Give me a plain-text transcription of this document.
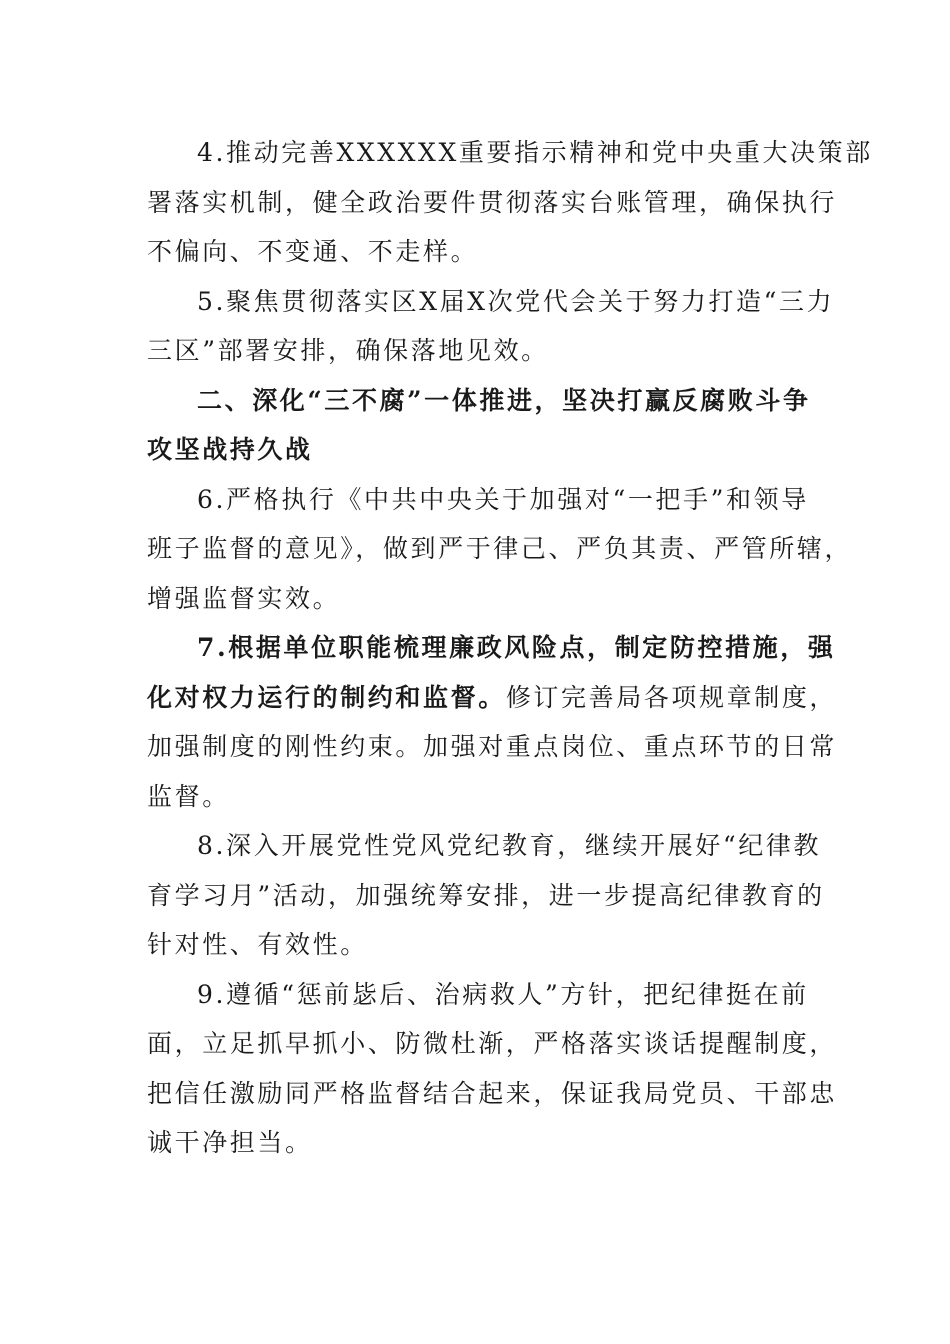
4.推动完善XXXXXX重要指示精神和党中央重大决策部
署落实机制，健全政治要件贯彻落实台账管理，确保执行
不偏向、不变通、不走样。
5.聚焦贯彻落实区X届X次党代会关于努力打造“三力
三区”部署安排，确保落地见效。
二、深化“三不腐”一体推进，坚决打赢反腐败斗争
攻坚战持久战
6.严格执行《中共中央关于加强对“一把手”和领导
班子监督的意见》，做到严于律己、严负其责、严管所辖，
增强监督实效。
7.根据单位职能梳理廉政风险点，制定防控措施，强
化对权力运行的制约和监督。修订完善局各项规章制度，
加强制度的刚性约束。加强对重点岗位、重点环节的日常
监督。
8.深入开展党性党风党纪教育，继续开展好“纪律教
育学习月”活动，加强统筹安排，进一步提高纪律教育的
针对性、有效性。
9.遵循“惩前毖后、治病救人”方针，把纪律挺在前
面，立足抓早抓小、防微杜渐，严格落实谈话提醒制度，
把信任激励同严格监督结合起来，保证我局党员、干部忠
诚干净担当。
